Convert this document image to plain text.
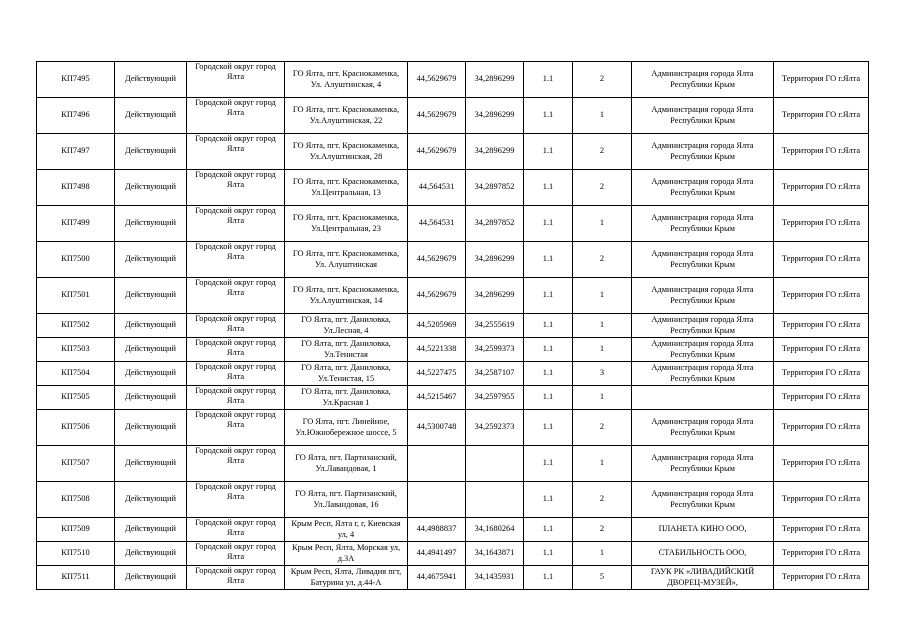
КП7495	Действующий	Городской округ город Ялта	ГО Ялта, пгт. Краснокаменка, Ул. Алуштинская, 4	44,5629679	34,2896299	1.1	2	Администрация города Ялта Республики Крым	Территория ГО г.Ялта
КП7496	Действующий	Городской округ город Ялта	ГО Ялта, пгт. Краснокаменка, Ул.Алуштинская, 22	44,5629679	34,2896299	1.1	1	Администрация города Ялта Республики Крым	Территория ГО г.Ялта
КП7497	Действующий	Городской округ город Ялта	ГО Ялта, пгт. Краснокаменка, Ул.Алуштинская, 28	44,5629679	34,2896299	1.1	2	Администрация города Ялта Республики Крым	Территория ГО г.Ялта
КП7498	Действующий	Городской округ город Ялта	ГО Ялта, пгт. Краснокаменка, Ул.Центральная, 13	44,564531	34,2897852	1.1	2	Администрация города Ялта Республики Крым	Территория ГО г.Ялта
КП7499	Действующий	Городской округ город Ялта	ГО Ялта, пгт. Краснокаменка, Ул.Центральная, 23	44,564531	34,2897852	1.1	1	Администрация города Ялта Республики Крым	Территория ГО г.Ялта
КП7500	Действующий	Городской округ город Ялта	ГО Ялта, пгт. Краснокаменка, Ул. Алуштинская	44,5629679	34,2896299	1.1	2	Администрация города Ялта Республики Крым	Территория ГО г.Ялта
КП7501	Действующий	Городской округ город Ялта	ГО Ялта, пгт. Краснокаменка, Ул.Алуштинская, 14	44,5629679	34,2896299	1.1	1	Администрация города Ялта Республики Крым	Территория ГО г.Ялта
КП7502	Действующий	Городской округ город Ялта	ГО Ялта, пгт. Даниловка, Ул.Лесная, 4	44,5205969	34,2555619	1.1	1	Администрация города Ялта Республики Крым	Территория ГО г.Ялта
КП7503	Действующий	Городской округ город Ялта	ГО Ялта, пгт. Даниловка, Ул.Тенистая	44,5221338	34,2599373	1.1	1	Администрация города Ялта Республики Крым	Территория ГО г.Ялта
КП7504	Действующий	Городской округ город Ялта	ГО Ялта, пгт. Даниловка, Ул.Тенистая, 15	44,5227475	34,2587107	1.1	3	Администрация города Ялта Республики Крым	Территория ГО г.Ялта
КП7505	Действующий	Городской округ город Ялта	ГО Ялта, пгт. Даниловка, Ул.Красная 1	44,5215467	34,2597955	1.1	1		Территория ГО г.Ялта
КП7506	Действующий	Городской округ город Ялта	ГО Ялта, пгт. Линейное, Ул.Южнобережное шоссе, 5	44,5300748	34,2592373	1.1	2	Администрация города Ялта Республики Крым	Территория ГО г.Ялта
КП7507	Действующий	Городской округ город Ялта	ГО Ялта, пгт. Партизанский, Ул.Лавандовая, 1			1.1	1	Администрация города Ялта Республики Крым	Территория ГО г.Ялта
КП7508	Действующий	Городской округ город Ялта	ГО Ялта, пгт. Партизанский, Ул.Лавандовая, 16			1.1	2	Администрация города Ялта Республики Крым	Территория ГО г.Ялта
КП7509	Действующий	Городской округ город Ялта	Крым Респ, Ялта г, г, Киевская ул, 4	44,4988837	34,1680264	1.1	2	ПЛАНЕТА КИНО ООО,	Территория ГО г.Ялта
КП7510	Действующий	Городской округ город Ялта	Крым Респ, Ялта, Морская ул, д.3А	44,4941497	34,1643871	1.1	1	СТАБИЛЬНОСТЬ ООО,	Территория ГО г.Ялта
КП7511	Действующий	Городской округ город Ялта	Крым Респ, Ялта, Ливадия пгт, Батурина ул, д.44-А	44,4675941	34,1435931	1.1	5	ГАУК РК «ЛИВАДИЙСКИЙ ДВОРЕЦ-МУЗЕЙ»,	Территория ГО г.Ялта
